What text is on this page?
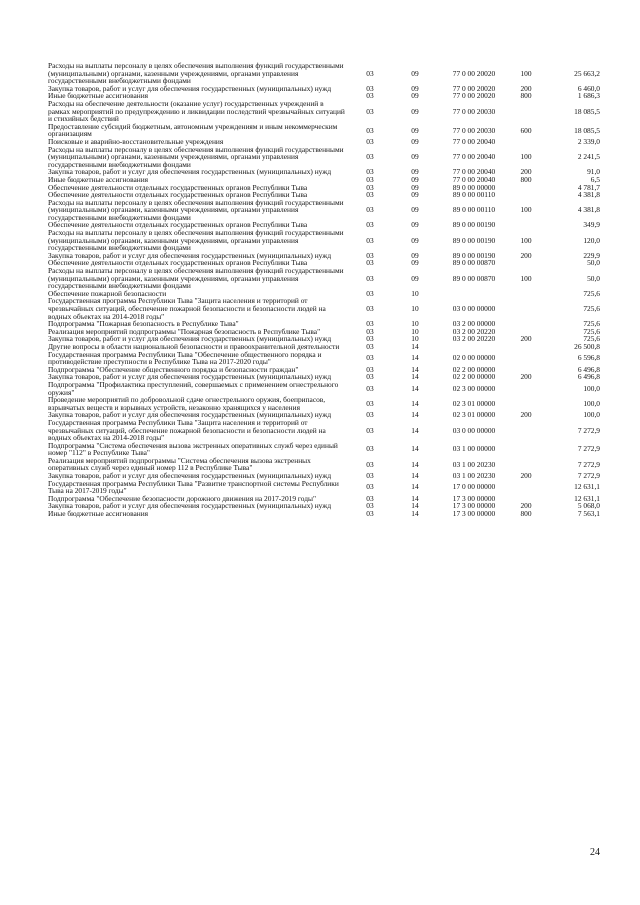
Расходы на выплаты персоналу в целях обеспечения выполнения функций государственными (муниципальными) органами, казенными учреждениями, органами управления государственными внебюджетными фондами	03	09	77 0 00 20020	100	25 663,2
Закупка товаров, работ и услуг для обеспечения государственных (муниципальных) нужд	03	09	77 0 00 20020	200	6 460,0
Иные бюджетные ассигнования	03	09	77 0 00 20020	800	1 686,3
Расходы на обеспечение деятельности (оказание услуг) государственных учреждений в рамках мероприятий по предупреждению и ликвидации последствий чрезвычайных ситуаций и стихийных бедствий	03	09	77 0 00 20030		18 085,5
Предоставление субсидий бюджетным, автономным учреждениям и иным некоммерческим организациям	03	09	77 0 00 20030	600	18 085,5
Поисковые и аварийно-восстановительные учреждения	03	09	77 0 00 20040		2 339,0
Расходы на выплаты персоналу в целях обеспечения выполнения функций государственными (муниципальными) органами, казенными учреждениями, органами управления государственными внебюджетными фондами	03	09	77 0 00 20040	100	2 241,5
Закупка товаров, работ и услуг для обеспечения государственных (муниципальных) нужд	03	09	77 0 00 20040	200	91,0
Иные бюджетные ассигнования	03	09	77 0 00 20040	800	6,5
Обеспечение деятельности отдельных государственных органов Республики Тыва	03	09	89 0 00 00000		4 781,7
Обеспечение деятельности отдельных государственных органов Республики Тыва	03	09	89 0 00 00110		4 381,8
Расходы на выплаты персоналу в целях обеспечения выполнения функций государственными (муниципальными) органами, казенными учреждениями, органами управления государственными внебюджетными фондами	03	09	89 0 00 00110	100	4 381,8
Обеспечение деятельности отдельных государственных органов Республики Тыва	03	09	89 0 00 00190		349,9
Расходы на выплаты персоналу в целях обеспечения выполнения функций государственными (муниципальными) органами, казенными учреждениями, органами управления государственными внебюджетными фондами	03	09	89 0 00 00190	100	120,0
Закупка товаров, работ и услуг для обеспечения государственных (муниципальных) нужд	03	09	89 0 00 00190	200	229,9
Обеспечение деятельности отдельных государственных органов Республики Тыва	03	09	89 0 00 00870		50,0
Расходы на выплаты персоналу в целях обеспечения выполнения функций государственными (муниципальными) органами, казенными учреждениями, органами управления государственными внебюджетными фондами	03	09	89 0 00 00870	100	50,0
Обеспечение пожарной безопасности	03	10			725,6
Государственная программа Республики Тыва "Защита населения и территорий от чрезвычайных ситуаций, обеспечение пожарной безопасности и безопасности людей на водных объектах на 2014-2018 годы"	03	10	03 0 00 00000		725,6
Подпрограмма "Пожарная безопасность в Республике Тыва"	03	10	03 2 00 00000		725,6
Реализация мероприятий подпрограммы "Пожарная безопасность в Республике Тыва"	03	10	03 2 00 20220		725,6
Закупка товаров, работ и услуг для обеспечения государственных (муниципальных) нужд	03	10	03 2 00 20220	200	725,6
Другие вопросы в области национальной безопасности и правоохранительной деятельности	03	14			26 500,8
Государственная программа Республики Тыва "Обеспечение общественного порядка и противодействие преступности в Республике Тыва на 2017-2020 годы"	03	14	02 0 00 00000		6 596,8
Подпрограмма "Обеспечение общественного порядка и безопасности граждан"	03	14	02 2 00 00000		6 496,8
Закупка товаров, работ и услуг для обеспечения государственных (муниципальных) нужд	03	14	02 2 00 00000	200	6 496,8
Подпрограмма "Профилактика преступлений, совершаемых с применением огнестрельного оружия"	03	14	02 3 00 00000		100,0
Проведение мероприятий по добровольной сдаче огнестрельного оружия, боеприпасов, взрывчатых веществ и взрывных устройств, незаконно хранящихся у населения	03	14	02 3 01 00000		100,0
Закупка товаров, работ и услуг для обеспечения государственных (муниципальных) нужд	03	14	02 3 01 00000	200	100,0
Государственная программа Республики Тыва "Защита населения и территорий от чрезвычайных ситуаций, обеспечение пожарной безопасности и безопасности людей на водных объектах на 2014-2018 годы"	03	14	03 0 00 00000		7 272,9
Подпрограмма "Система обеспечения вызова экстренных оперативных служб через единый номер "112" в Республике Тыва"	03	14	03 1 00 00000		7 272,9
Реализация мероприятий подпрограммы "Система обеспечения вызова экстренных оперативных служб через единый номер 112 в Республике Тыва"	03	14	03 1 00 20230		7 272,9
Закупка товаров, работ и услуг для обеспечения государственных (муниципальных) нужд	03	14	03 1 00 20230	200	7 272,9
Государственная программа Республики Тыва "Развитие транспортной системы Республики Тыва на 2017-2019 годы"	03	14	17 0 00 00000		12 631,1
Подпрограмма "Обеспечение безопасности дорожного движения на 2017-2019 годы"	03	14	17 3 00 00000		12 631,1
Закупка товаров, работ и услуг для обеспечения государственных (муниципальных) нужд	03	14	17 3 00 00000	200	5 068,0
Иные бюджетные ассигнования	03	14	17 3 00 00000	800	7 563,1
24
